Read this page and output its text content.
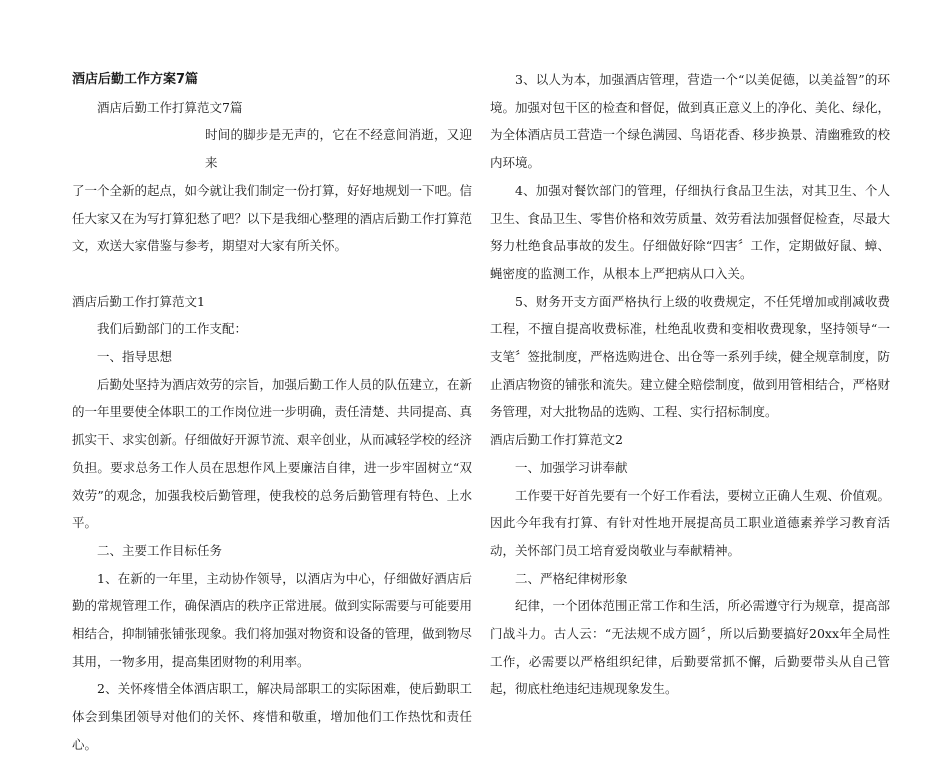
酒店后勤工作方案7篇

酒店后勤工作打算范文7篇

时间的脚步是无声的，它在不经意间消逝，又迎来

了一个全新的起点，如今就让我们制定一份打算，好好地规划一下吧。信任大家又在为写打算犯愁了吧？以下是我细心整理的酒店后勤工作打算范文，欢送大家借鉴与参考，期望对大家有所关怀。

酒店后勤工作打算范文1

我们后勤部门的工作支配：

一、指导思想

后勤处坚持为酒店效劳的宗旨，加强后勤工作人员的队伍建立，在新的一年里要使全体职工的工作岗位进一步明确，责任清楚、共同提高、真抓实干、求实创新。仔细做好开源节流、艰辛创业，从而减轻学校的经济负担。要求总务工作人员在思想作风上要廉洁自律，进一步牢固树立“双效劳”的观念，加强我校后勤管理，使我校的总务后勤管理有特色、上水平。

二、主要工作目标任务

1、在新的一年里，主动协作领导，以酒店为中心，仔细做好酒店后勤的常规管理工作，确保酒店的秩序正常进展。做到实际需要与可能要用相结合，抑制铺张铺张现象。我们将加强对物资和设备的管理，做到物尽其用，一物多用，提高集团财物的利用率。

2、关怀疼惜全体酒店职工，解决局部职工的实际困难，使后勤职工体会到集团领导对他们的关怀、疼惜和敬重，增加他们工作热忱和责任心。

3、以人为本，加强酒店管理，营造一个“以美促德，以美益智”的环境。加强对包干区的检查和督促，做到真正意义上的净化、美化、绿化，为全体酒店员工营造一个绿色满园、鸟语花香、移步换景、清幽雅致的校内环境。

4、加强对餐饮部门的管理，仔细执行食品卫生法，对其卫生、个人卫生、食品卫生、零售价格和效劳质量、效劳看法加强督促检查，尽最大努力杜绝食品事故的发生。仔细做好除“四害〞工作，定期做好鼠、蟑、蝇密度的监测工作，从根本上严把病从口入关。

5、财务开支方面严格执行上级的收费规定，不任凭增加或削减收费工程，不擅自提高收费标准，杜绝乱收费和变相收费现象，坚持领导“一支笔〞签批制度，严格选购进仓、出仓等一系列手续，健全规章制度，防止酒店物资的铺张和流失。建立健全赔偿制度，做到用管相结合，严格财务管理，对大批物品的选购、工程、实行招标制度。

酒店后勤工作打算范文2

一、加强学习讲奉献

工作要干好首先要有一个好工作看法，要树立正确人生观、价值观。因此今年我有打算、有针对性地开展提高员工职业道德素养学习教育活动，关怀部门员工培育爱岗敬业与奉献精神。

二、严格纪律树形象

纪律，一个团体范围正常工作和生活，所必需遵守行为规章，提高部门战斗力。古人云：“无法规不成方圆〞，所以后勤要搞好20xx年全局性工作，必需要以严格组织纪律，后勤要常抓不懈，后勤要带头从自己管起，彻底杜绝违纪违规现象发生。
